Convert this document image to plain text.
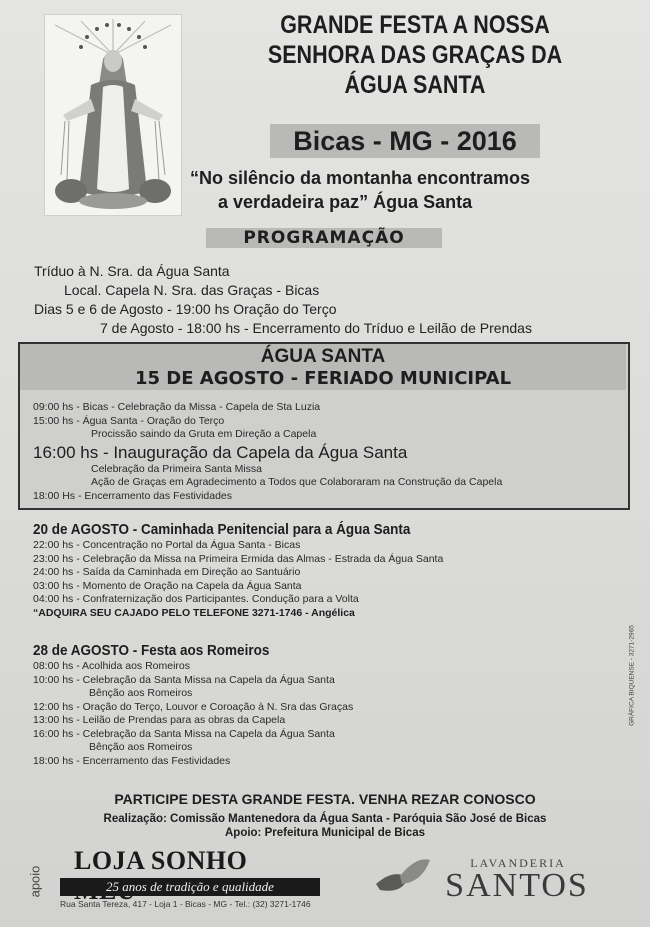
GRANDE FESTA A NOSSA
SENHORA DAS GRAÇAS DA
ÁGUA SANTA
Bicas - MG - 2016
“No silêncio da montanha encontramos
a verdadeira paz” Água Santa
PROGRAMAÇÃO
Tríduo à N. Sra. da Água Santa
Local. Capela N. Sra. das Graças - Bicas
Dias 5 e 6 de Agosto - 19:00 hs Oração do Terço
7 de Agosto - 18:00 hs - Encerramento do Tríduo e Leilão de Prendas
ÁGUA SANTA
15 DE AGOSTO - FERIADO MUNICIPAL
09:00 hs - Bicas - Celebração da Missa - Capela de Sta Luzia
15:00 hs - Água Santa - Oração do Terço
Procissão saindo da Gruta em Direção a Capela
16:00 hs - Inauguração da Capela da Água Santa
Celebração da Primeira Santa Missa
Ação de Graças em Agradecimento a Todos que Colaboraram na Construção da Capela
18:00 Hs - Encerramento das Festividades
20 de AGOSTO - Caminhada Penitencial para a Água Santa
22:00 hs - Concentração no Portal da Água Santa - Bicas
23:00 hs - Celebração da Missa na Primeira Ermida das Almas - Estrada da Água Santa
24:00 hs - Saída da Caminhada em Direção ao Santuário
03:00 hs - Momento de Oração na Capela da Água Santa
04:00 hs - Confraternização dos Participantes. Condução para a Volta
“ADQUIRA SEU CAJADO PELO TELEFONE 3271-1746 - Angélica
28 de AGOSTO - Festa aos Romeiros
08:00 hs - Acolhida aos Romeiros
10:00 hs - Celebração da Santa Missa na Capela da Água Santa
Bênção aos Romeiros
12:00 hs - Oração do Terço, Louvor e Coroação à N. Sra das Graças
13:00 hs - Leilão de Prendas para as obras da Capela
16:00 hs - Celebração da Santa Missa na Capela da Água Santa
Bênção aos Romeiros
18:00 hs - Encerramento das Festividades
PARTICIPE DESTA GRANDE FESTA. VENHA REZAR CONOSCO
Realização: Comissão Mantenedora da Água Santa - Paróquia São José de Bicas
Apoio: Prefeitura Municipal de Bicas
apoio
LOJA SONHO
25 anos de tradição e qualidade
Rua Santa Tereza, 417 - Loja 1 - Bicas - MG - Tel.: (32) 3271-1746
LAVANDERIA
SANTOS
GRÁFICA BIQUENSE - 3271-2965
